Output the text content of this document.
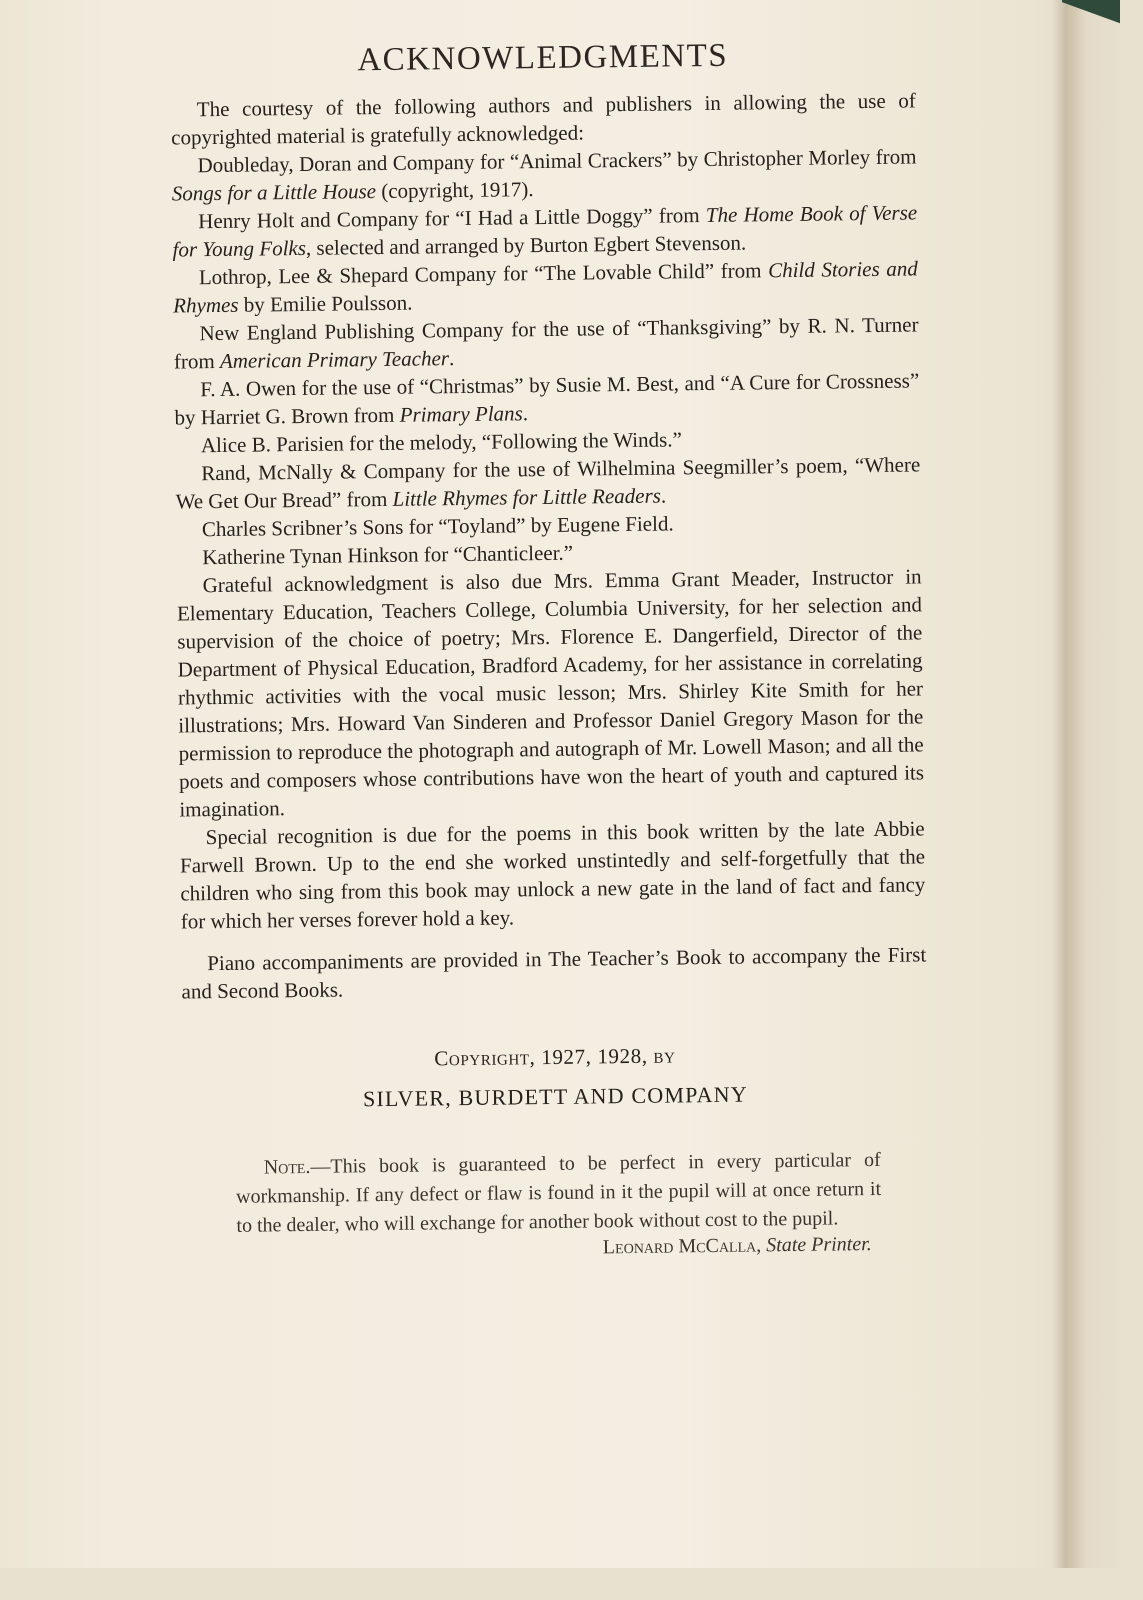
ACKNOWLEDGMENTS

The courtesy of the following authors and publishers in allowing the use of copyrighted material is gratefully acknowledged:

Doubleday, Doran and Company for “Animal Crackers” by Christopher Morley from Songs for a Little House (copyright, 1917).

Henry Holt and Company for “I Had a Little Doggy” from The Home Book of Verse for Young Folks, selected and arranged by Burton Egbert Stevenson.

Lothrop, Lee & Shepard Company for “The Lovable Child” from Child Stories and Rhymes by Emilie Poulsson.

New England Publishing Company for the use of “Thanksgiving” by R. N. Turner from American Primary Teacher.

F. A. Owen for the use of “Christmas” by Susie M. Best, and “A Cure for Crossness” by Harriet G. Brown from Primary Plans.

Alice B. Parisien for the melody, “Following the Winds.”

Rand, McNally & Company for the use of Wilhelmina Seegmiller’s poem, “Where We Get Our Bread” from Little Rhymes for Little Readers.

Charles Scribner’s Sons for “Toyland” by Eugene Field.

Katherine Tynan Hinkson for “Chanticleer.”

Grateful acknowledgment is also due Mrs. Emma Grant Meader, Instructor in Elementary Education, Teachers College, Columbia University, for her selection and supervision of the choice of poetry; Mrs. Florence E. Dangerfield, Director of the Department of Physical Education, Bradford Academy, for her assistance in correlating rhythmic activities with the vocal music lesson; Mrs. Shirley Kite Smith for her illustrations; Mrs. Howard Van Sinderen and Professor Daniel Gregory Mason for the permission to reproduce the photograph and autograph of Mr. Lowell Mason; and all the poets and composers whose contributions have won the heart of youth and captured its imagination.

Special recognition is due for the poems in this book written by the late Abbie Farwell Brown. Up to the end she worked unstintedly and self-forgetfully that the children who sing from this book may unlock a new gate in the land of fact and fancy for which her verses forever hold a key.

Piano accompaniments are provided in The Teacher’s Book to accompany the First and Second Books.

Copyright, 1927, 1928, by
SILVER, BURDETT AND COMPANY

Note.—This book is guaranteed to be perfect in every particular of workmanship. If any defect or flaw is found in it the pupil will at once return it to the dealer, who will exchange for another book without cost to the pupil.

Leonard McCalla, State Printer.
